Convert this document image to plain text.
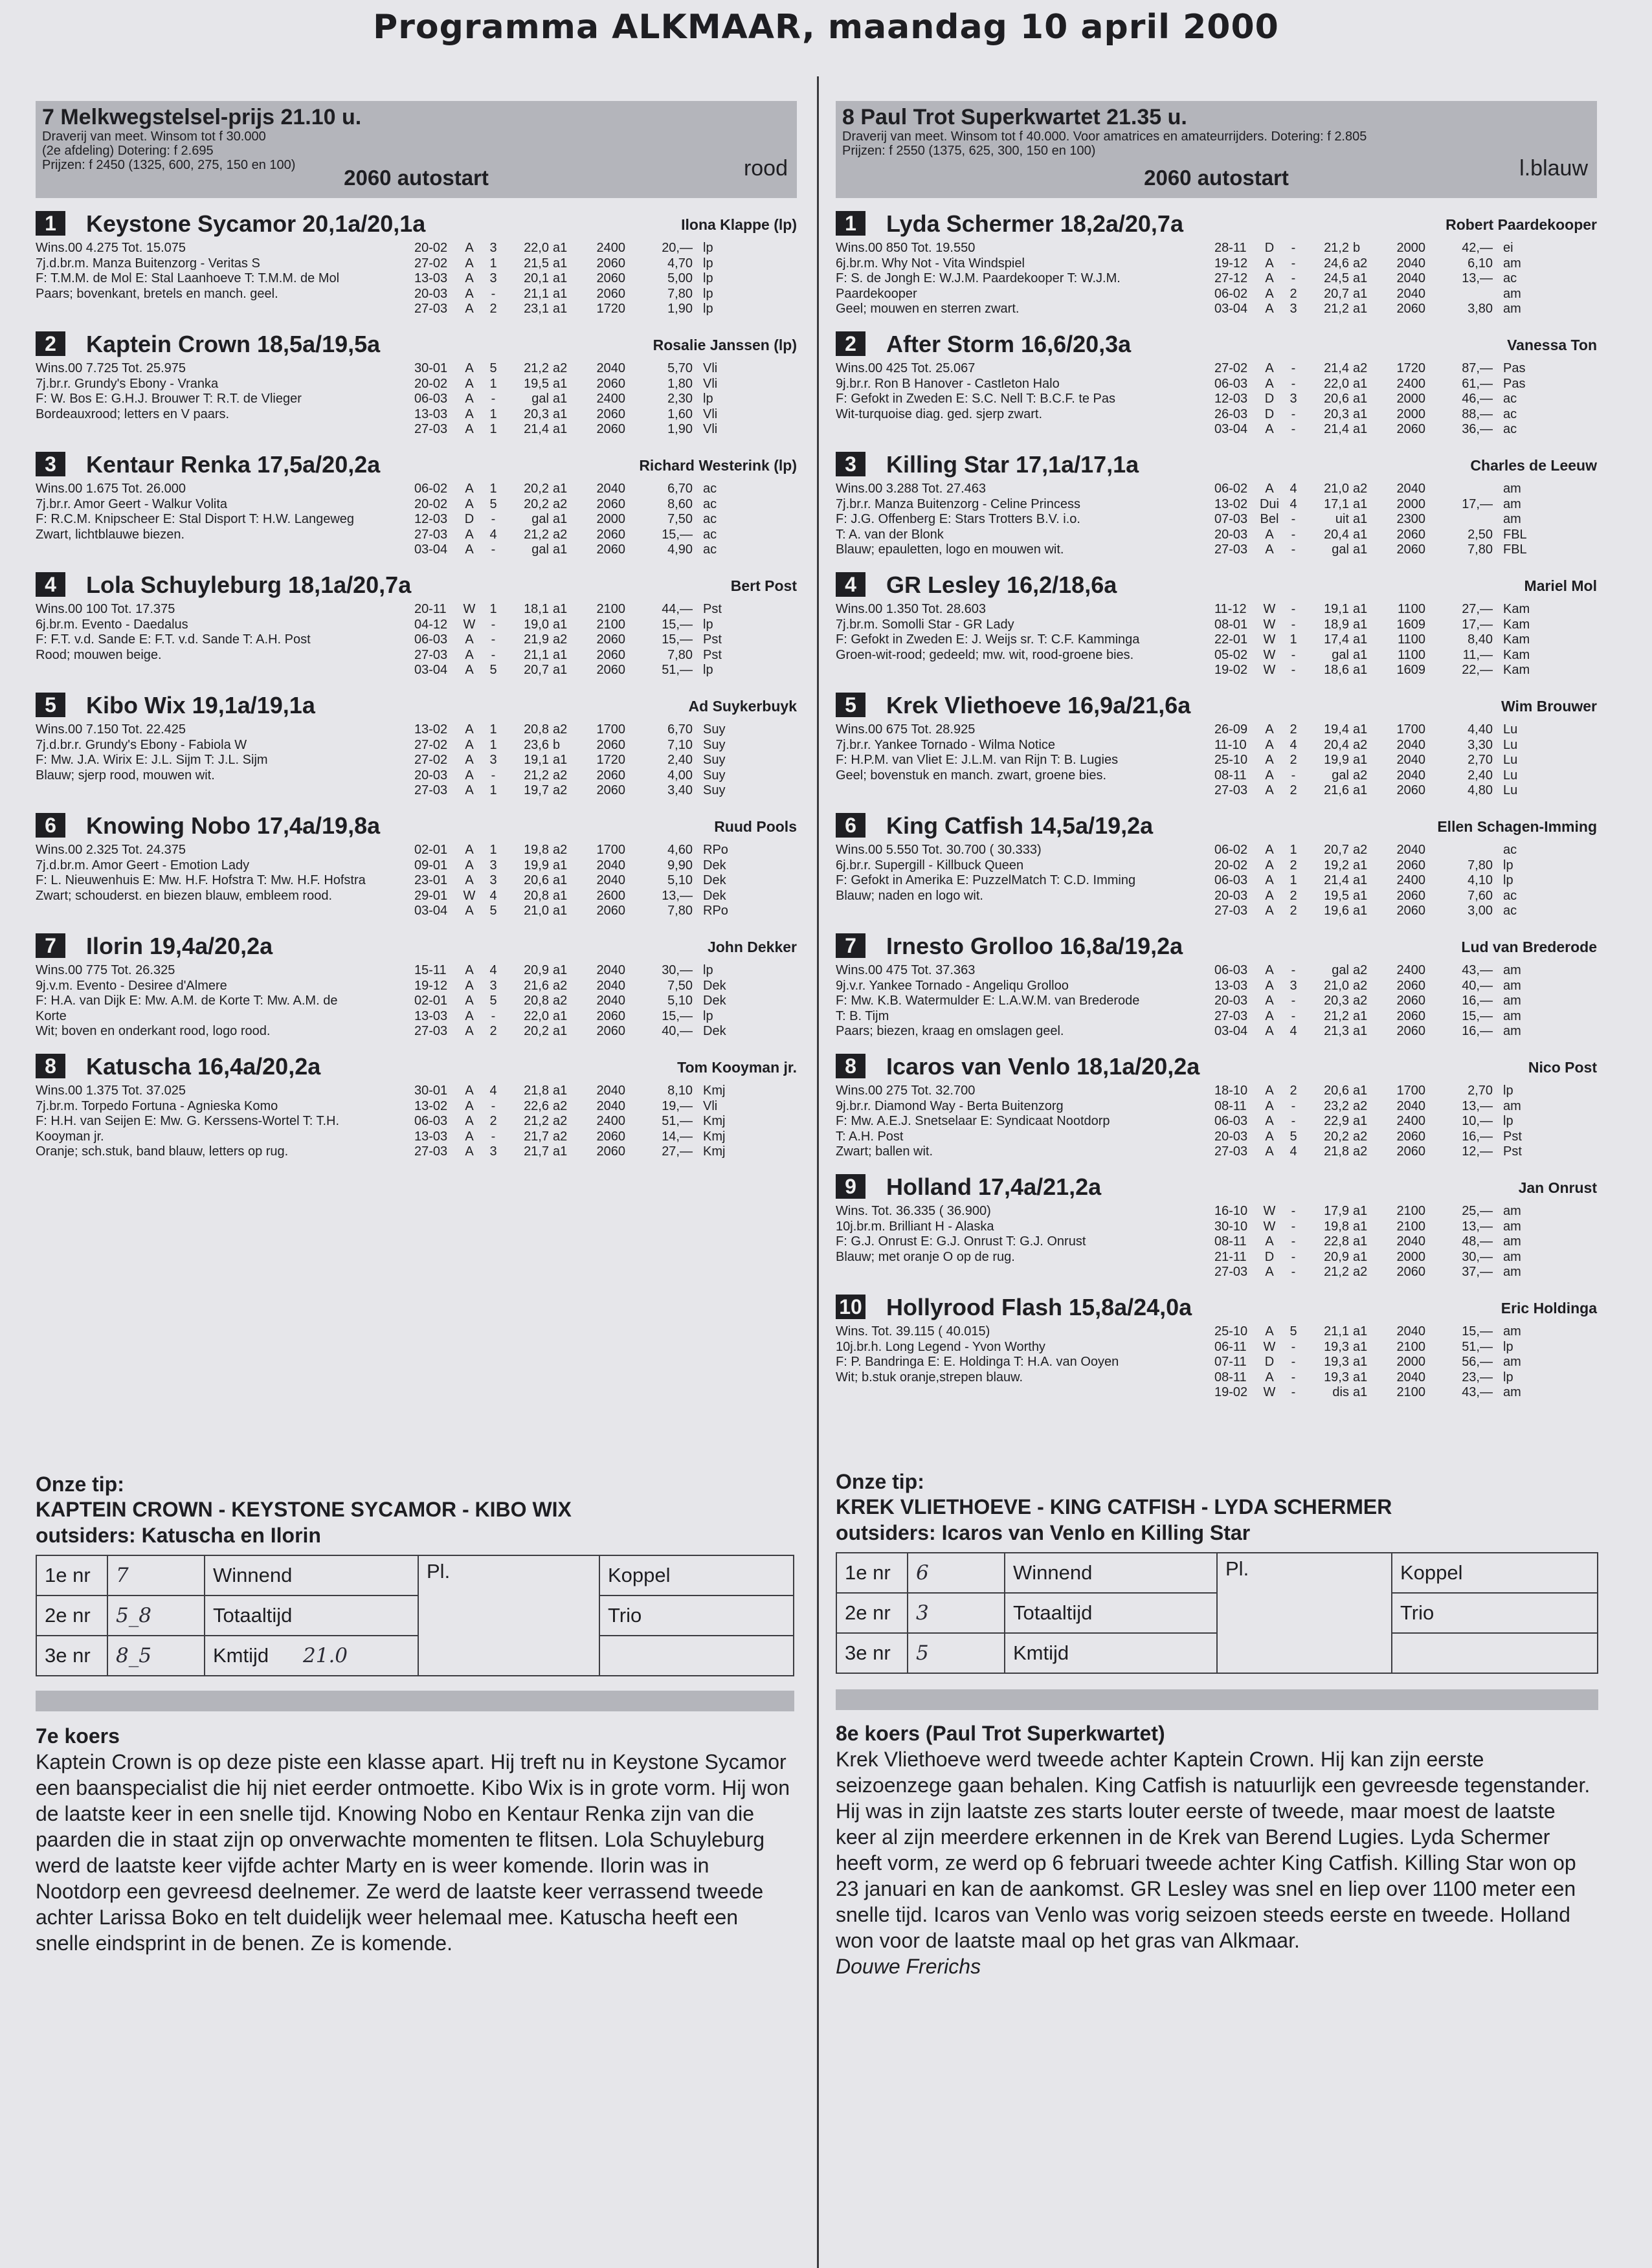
Programma ALKMAAR, maandag 10 april 2000
7 Melkwegstelsel-prijs 21.10 u.
Draverij van meet. Winsom tot f 30.000
(2e afdeling) Dotering: f 2.695
Prijzen: f 2450 (1325, 600, 275, 150 en 100)
2060 autostart	rood
1	Keystone Sycamor 20,1a/20,1a	Ilona Klappe (lp)
Wins.00 4.275 Tot. 15.075
7j.d.br.m. Manza Buitenzorg - Veritas S
F: T.M.M. de Mol E: Stal Laanhoeve T: T.M.M. de Mol
Paars; bovenkant, bretels en manch. geel.
20-02	A	3	22,0 a1	2400	20,— lp
27-02	A	1	21,5 a1	2060	4,70 lp
13-03	A	3	20,1 a1	2060	5,00 lp
20-03	A	-	21,1 a1	2060	7,80 lp
27-03	A	2	23,1 a1	1720	1,90 lp
2	Kaptein Crown 18,5a/19,5a	Rosalie Janssen (lp)
Wins.00 7.725 Tot. 25.975
7j.br.r. Grundy's Ebony - Vranka
F: W. Bos E: G.H.J. Brouwer T: R.T. de Vlieger
Bordeauxrood; letters en V paars.
30-01	A	5	21,2 a2	2040	5,70 Vli
20-02	A	1	19,5 a1	2060	1,80 Vli
06-03	A	-	gal a1	2400	2,30 lp
13-03	A	1	20,3 a1	2060	1,60 Vli
27-03	A	1	21,4 a1	2060	1,90 Vli
3	Kentaur Renka 17,5a/20,2a	Richard Westerink (lp)
Wins.00 1.675 Tot. 26.000
7j.br.r. Amor Geert - Walkur Volita
F: R.C.M. Knipscheer E: Stal Disport T: H.W. Langeweg
Zwart, lichtblauwe biezen.
06-02	A	1	20,2 a1	2040	6,70 ac
20-02	A	5	20,2 a2	2060	8,60 ac
12-03	D	-	gal a1	2000	7,50 ac
27-03	A	4	21,2 a2	2060	15,— ac
03-04	A	-	gal a1	2060	4,90 ac
4	Lola Schuyleburg 18,1a/20,7a	Bert Post
Wins.00 100 Tot. 17.375
6j.br.m. Evento - Daedalus
F: F.T. v.d. Sande E: F.T. v.d. Sande T: A.H. Post
Rood; mouwen beige.
20-11	W	1	18,1 a1	2100	44,— Pst
04-12	W	-	19,0 a1	2100	15,— lp
06-03	A	-	21,9 a2	2060	15,— Pst
27-03	A	-	21,1 a1	2060	7,80 Pst
03-04	A	5	20,7 a1	2060	51,— lp
5	Kibo Wix 19,1a/19,1a	Ad Suykerbuyk
Wins.00 7.150 Tot. 22.425
7j.d.br.r. Grundy's Ebony - Fabiola W
F: Mw. J.A. Wirix E: J.L. Sijm T: J.L. Sijm
Blauw; sjerp rood, mouwen wit.
13-02	A	1	20,8 a2	1700	6,70 Suy
27-02	A	1	23,6 b	2060	7,10 Suy
27-02	A	3	19,1 a1	1720	2,40 Suy
20-03	A	-	21,2 a2	2060	4,00 Suy
27-03	A	1	19,7 a2	2060	3,40 Suy
6	Knowing Nobo 17,4a/19,8a	Ruud Pools
Wins.00 2.325 Tot. 24.375
7j.d.br.m. Amor Geert - Emotion Lady
F: L. Nieuwenhuis E: Mw. H.F. Hofstra T: Mw. H.F. Hofstra
Zwart; schouderst. en biezen blauw, embleem rood.
02-01	A	1	19,8 a2	1700	4,60 RPo
09-01	A	3	19,9 a1	2040	9,90 Dek
23-01	A	3	20,6 a1	2040	5,10 Dek
29-01	W	4	20,8 a1	2600	13,— Dek
03-04	A	5	21,0 a1	2060	7,80 RPo
7	Ilorin 19,4a/20,2a	John Dekker
Wins.00 775 Tot. 26.325
9j.v.m. Evento - Desiree d'Almere
F: H.A. van Dijk E: Mw. A.M. de Korte T: Mw. A.M. de
Korte
Wit; boven en onderkant rood, logo rood.
15-11	A	4	20,9 a1	2040	30,— lp
19-12	A	3	21,6 a2	2040	7,50 Dek
02-01	A	5	20,8 a2	2040	5,10 Dek
13-03	A	-	22,0 a1	2060	15,— lp
27-03	A	2	20,2 a1	2060	40,— Dek
8	Katuscha 16,4a/20,2a	Tom Kooyman jr.
Wins.00 1.375 Tot. 37.025
7j.br.m. Torpedo Fortuna - Agnieska Komo
F: H.H. van Seijen E: Mw. G. Kerssens-Wortel T: T.H.
Kooyman jr.
Oranje; sch.stuk, band blauw, letters op rug.
30-01	A	4	21,8 a1	2040	8,10 Kmj
13-02	A	-	22,6 a2	2040	19,— Vli
06-03	A	2	21,2 a2	2400	51,— Kmj
13-03	A	-	21,7 a2	2060	14,— Kmj
27-03	A	3	21,7 a1	2060	27,— Kmj
8 Paul Trot Superkwartet 21.35 u.
Draverij van meet. Winsom tot f 40.000. Voor amatrices en amateurrijders. Dotering: f 2.805
Prijzen: f 2550 (1375, 625, 300, 150 en 100)
2060 autostart	l.blauw
1	Lyda Schermer 18,2a/20,7a	Robert Paardekooper
Wins.00 850 Tot. 19.550
6j.br.m. Why Not - Vita Windspiel
F: S. de Jongh E: W.J.M. Paardekooper T: W.J.M.
Paardekooper
Geel; mouwen en sterren zwart.
28-11	D	-	21,2 b	2000	42,— ei
19-12	A	-	24,6 a2	2040	6,10 am
27-12	A	-	24,5 a1	2040	13,— ac
06-02	A	2	20,7 a1	2040	am
03-04	A	3	21,2 a1	2060	3,80 am
2	After Storm 16,6/20,3a	Vanessa Ton
Wins.00 425 Tot. 25.067
9j.br.r. Ron B Hanover - Castleton Halo
F: Gefokt in Zweden E: S.C. Nell T: B.C.F. te Pas
Wit-turquoise diag. ged. sjerp zwart.
27-02	A	-	21,4 a2	1720	87,— Pas
06-03	A	-	22,0 a1	2400	61,— Pas
12-03	D	3	20,6 a1	2000	46,— ac
26-03	D	-	20,3 a1	2000	88,— ac
03-04	A	-	21,4 a1	2060	36,— ac
3	Killing Star 17,1a/17,1a	Charles de Leeuw
Wins.00 3.288 Tot. 27.463
7j.br.r. Manza Buitenzorg - Celine Princess
F: J.G. Offenberg E: Stars Trotters B.V. i.o.
T: A. van der Blonk
Blauw; epauletten, logo en mouwen wit.
06-02	A	4	21,0 a2	2040	am
13-02 Dui 4	17,1 a1	2000	17,— am
07-03 Bel -	uit a1	2300	am
20-03	A	-	20,4 a1	2060	2,50 FBL
27-03	A	-	gal a1	2060	7,80 FBL
4	GR Lesley 16,2/18,6a	Mariel Mol
Wins.00 1.350 Tot. 28.603
7j.br.m. Somolli Star - GR Lady
F: Gefokt in Zweden E: J. Weijs sr. T: C.F. Kamminga
Groen-wit-rood; gedeeld; mw. wit, rood-groene bies.
11-12	W	-	19,1 a1	1100	27,— Kam
08-01	W	-	18,9 a1	1609	17,— Kam
22-01	W	1	17,4 a1	1100	8,40 Kam
05-02	W	-	gal a1	1100	11,— Kam
19-02	W	-	18,6 a1	1609	22,— Kam
5	Krek Vliethoeve 16,9a/21,6a	Wim Brouwer
Wins.00 675 Tot. 28.925
7j.br.r. Yankee Tornado - Wilma Notice
F: H.P.M. van Vliet E: J.L.M. van Rijn T: B. Lugies
Geel; bovenstuk en manch. zwart, groene bies.
26-09	A	2	19,4 a1	1700	4,40 Lu
11-10	A	4	20,4 a2	2040	3,30 Lu
25-10	A	2	19,9 a1	2040	2,70 Lu
08-11	A	-	gal a2	2040	2,40 Lu
27-03	A	2	21,6 a1	2060	4,80 Lu
6	King Catfish 14,5a/19,2a	Ellen Schagen-Imming
Wins.00 5.550 Tot. 30.700 ( 30.333)
6j.br.r. Supergill - Killbuck Queen
F: Gefokt in Amerika E: PuzzelMatch T: C.D. Imming
Blauw; naden en logo wit.
06-02	A	1	20,7 a2	2040	ac
20-02	A	2	19,2 a1	2060	7,80 lp
06-03	A	1	21,4 a1	2400	4,10 lp
20-03	A	2	19,5 a1	2060	7,60 ac
27-03	A	2	19,6 a1	2060	3,00 ac
7	Irnesto Grolloo 16,8a/19,2a	Lud van Brederode
Wins.00 475 Tot. 37.363
9j.v.r. Yankee Tornado - Angeliqu Grolloo
F: Mw. K.B. Watermulder E: L.A.W.M. van Brederode
T: B. Tijm
Paars; biezen, kraag en omslagen geel.
06-03	A	-	gal a2	2400	43,— am
13-03	A	3	21,0 a2	2060	40,— am
20-03	A	-	20,3 a2	2060	16,— am
27-03	A	-	21,2 a1	2060	15,— am
03-04	A	4	21,3 a1	2060	16,— am
8	Icaros van Venlo 18,1a/20,2a	Nico Post
Wins.00 275 Tot. 32.700
9j.br.r. Diamond Way - Berta Buitenzorg
F: Mw. A.E.J. Snetselaar E: Syndicaat Nootdorp
T: A.H. Post
Zwart; ballen wit.
18-10	A	2	20,6 a1	1700	2,70 lp
08-11	A	-	23,2 a2	2040	13,— am
06-03	A	-	22,9 a1	2400	10,— lp
20-03	A	5	20,2 a2	2060	16,— Pst
27-03	A	4	21,8 a2	2060	12,— Pst
9	Holland 17,4a/21,2a	Jan Onrust
Wins. Tot. 36.335 ( 36.900)
10j.br.m. Brilliant H - Alaska
F: G.J. Onrust E: G.J. Onrust T: G.J. Onrust
Blauw; met oranje O op de rug.
16-10	W	-	17,9 a1	2100	25,— am
30-10	W	-	19,8 a1	2100	13,— am
08-11	A	-	22,8 a1	2040	48,— am
21-11	D	-	20,9 a1	2000	30,— am
27-03	A	-	21,2 a2	2060	37,— am
10 Hollyrood Flash 15,8a/24,0a	Eric Holdinga
Wins. Tot. 39.115 ( 40.015)
10j.br.h. Long Legend - Yvon Worthy
F: P. Bandringa E: E. Holdinga T: H.A. van Ooyen
Wit; b.stuk oranje,strepen blauw.
25-10	A	5	21,1 a1	2040	15,— am
06-11	W	-	19,3 a1	2100	51,— lp
07-11	D	-	19,3 a1	2000	56,— am
08-11	A	-	19,3 a1	2040	23,— lp
19-02	W	-	dis a1	2100	43,— am
Onze tip:
KAPTEIN CROWN - KEYSTONE SYCAMOR - KIBO WIX
outsiders: Katuscha en Ilorin
1e nr	7	Winnend		Pl.	Koppel
2e nr	5_8	Totaaltijd			Trio
3e nr	8_5	Kmtijd	21.0		
7e koers
Kaptein Crown is op deze piste een klasse apart. Hij treft nu in Keystone Sycamor een baanspecialist die hij niet eerder ontmoette. Kibo Wix is in grote vorm. Hij won de laatste keer in een snelle tijd. Knowing Nobo en Kentaur Renka zijn van die paarden die in staat zijn op onverwachte momenten te flitsen. Lola Schuyleburg werd de laatste keer vijfde achter Marty en is weer komende. Ilorin was in Nootdorp een gevreesd deelnemer. Ze werd de laatste keer verrassend tweede achter Larissa Boko en telt duidelijk weer helemaal mee. Katuscha heeft een snelle eindsprint in de benen. Ze is komende.
Onze tip:
KREK VLIETHOEVE - KING CATFISH - LYDA SCHERMER
outsiders: Icaros van Venlo en Killing Star
1e nr	6	Winnend	Pl.	Koppel
2e nr	3	Totaaltijd		Trio
3e nr	5	Kmtijd		
8e koers (Paul Trot Superkwartet)
Krek Vliethoeve werd tweede achter Kaptein Crown. Hij kan zijn eerste seizoenzege gaan behalen. King Catfish is natuurlijk een gevreesde tegenstander. Hij was in zijn laatste zes starts louter eerste of tweede, maar moest de laatste keer al zijn meerdere erkennen in de Krek van Berend Lugies. Lyda Schermer heeft vorm, ze werd op 6 februari tweede achter King Catfish. Killing Star won op 23 januari en kan de aankomst. GR Lesley was snel en liep over 1100 meter een snelle tijd. Icaros van Venlo was vorig seizoen steeds eerste en tweede. Holland won voor de laatste maal op het gras van Alkmaar.
Douwe Frerichs
